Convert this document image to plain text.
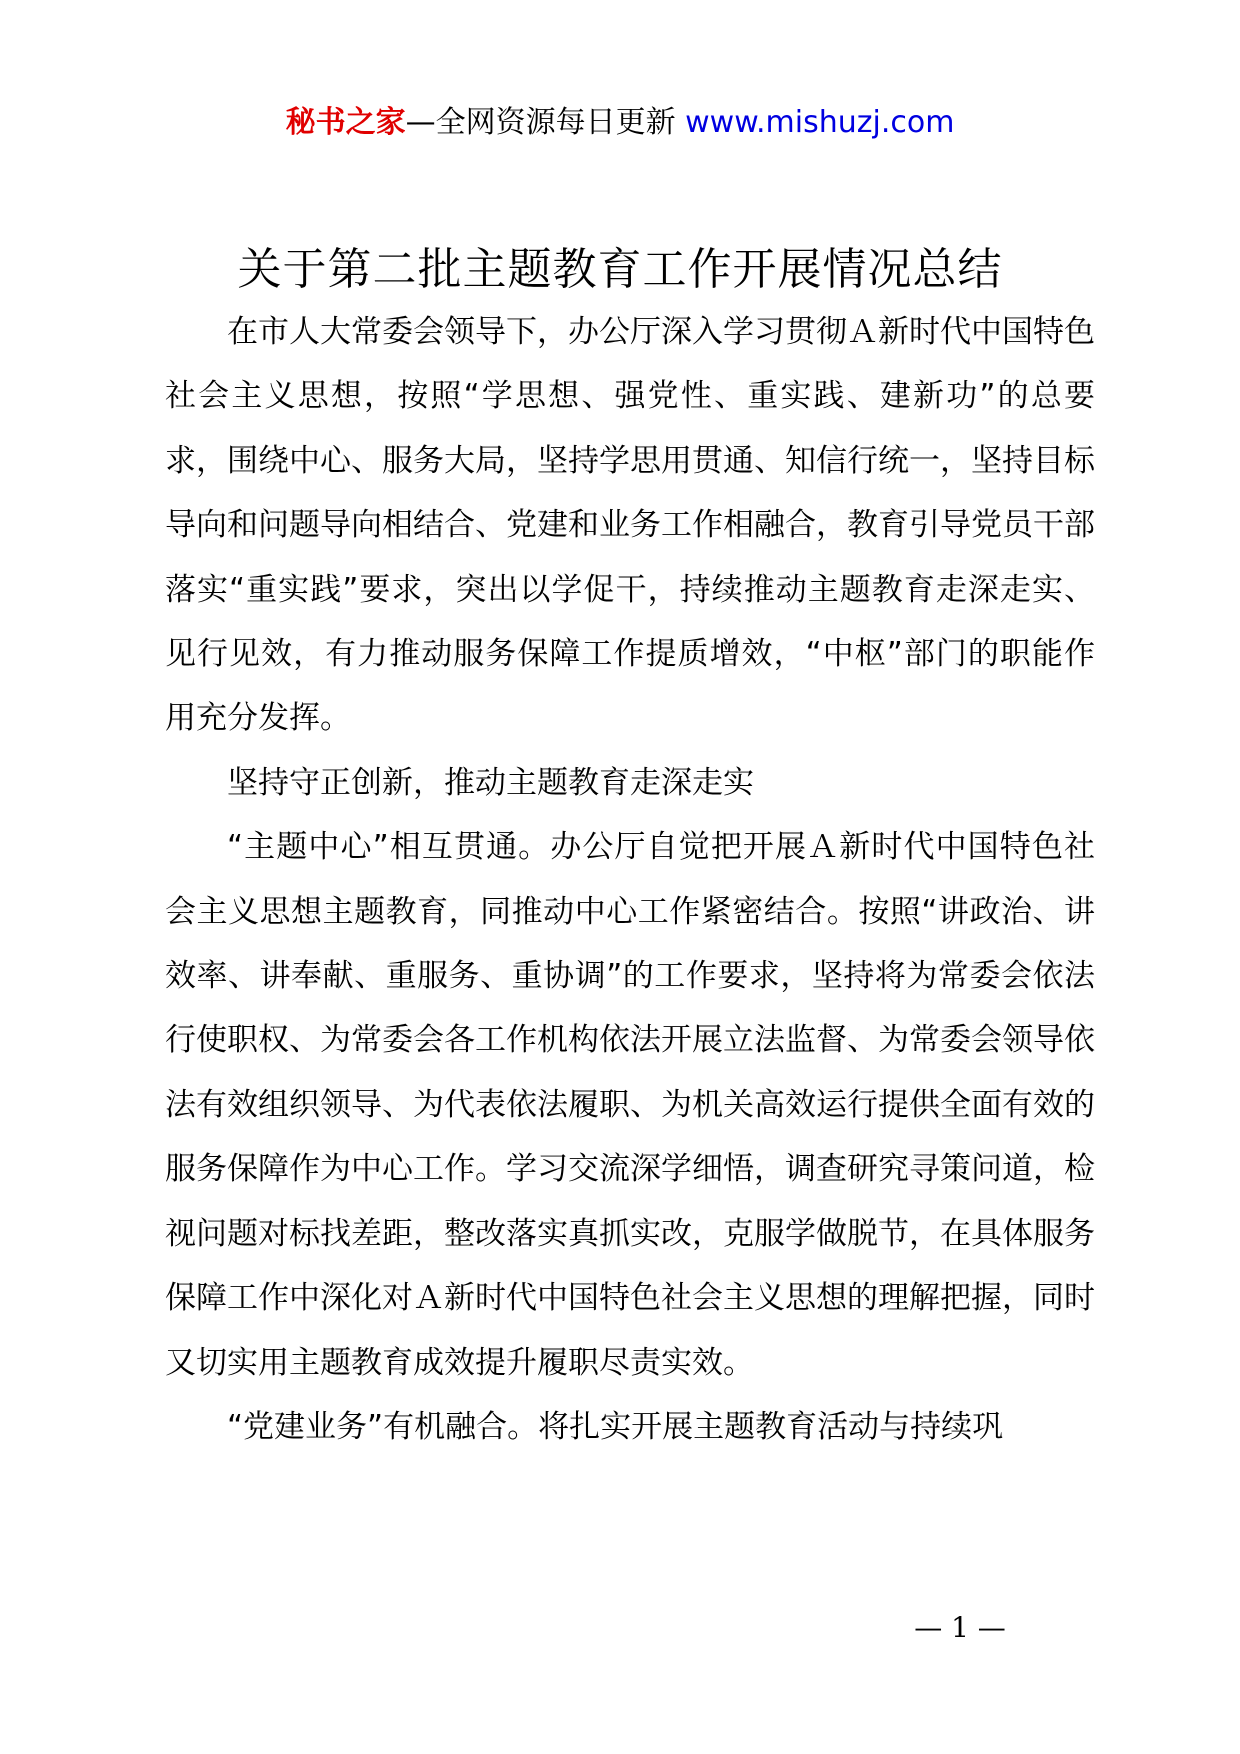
秘书之家—全网资源每日更新 www.mishuzj.com
关于第二批主题教育工作开展情况总结

在市人大常委会领导下，办公厅深入学习贯彻Ａ新时代中国特色社会主义思想，按照“学思想、强党性、重实践、建新功”的总要求，围绕中心、服务大局，坚持学思用贯通、知信行统一，坚持目标导向和问题导向相结合、党建和业务工作相融合，教育引导党员干部落实“重实践”要求，突出以学促干，持续推动主题教育走深走实、见行见效，有力推动服务保障工作提质增效，“中枢”部门的职能作用充分发挥。

坚持守正创新，推动主题教育走深走实

“主题中心”相互贯通。办公厅自觉把开展Ａ新时代中国特色社会主义思想主题教育，同推动中心工作紧密结合。按照“讲政治、讲效率、讲奉献、重服务、重协调”的工作要求，坚持将为常委会依法行使职权、为常委会各工作机构依法开展立法监督、为常委会领导依法有效组织领导、为代表依法履职、为机关高效运行提供全面有效的服务保障作为中心工作。学习交流深学细悟，调查研究寻策问道，检视问题对标找差距，整改落实真抓实改，克服学做脱节，在具体服务保障工作中深化对Ａ新时代中国特色社会主义思想的理解把握，同时又切实用主题教育成效提升履职尽责实效。

“党建业务”有机融合。将扎实开展主题教育活动与持续巩

— 1 —
